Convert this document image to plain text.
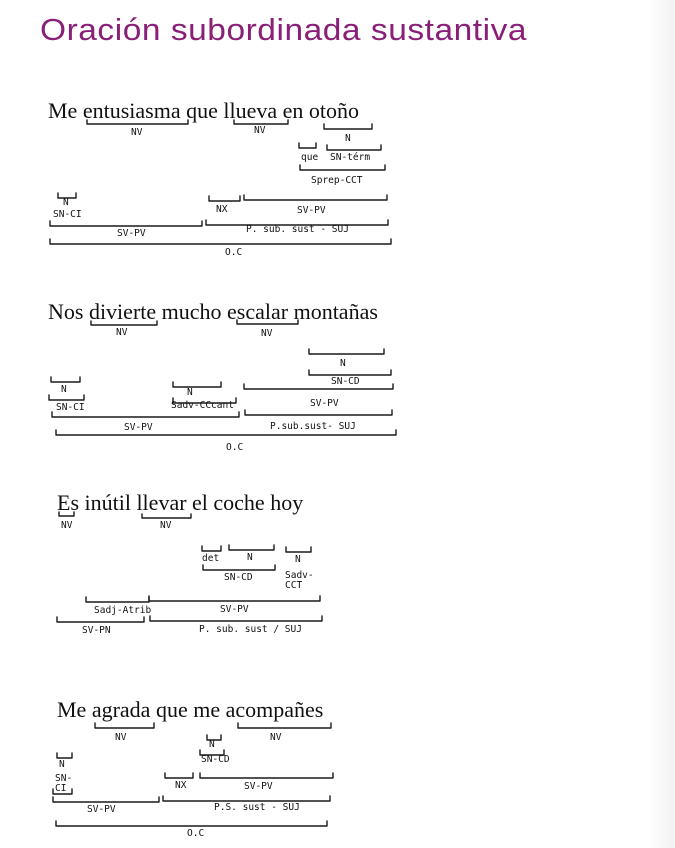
Oración subordinada sustantiva
Me entusiasma que llueva en otoño
NV	NV
N
que SN-térm
Sprep-CCT
N
SN-CI	NX	SV-PV
SV-PV	P. sub. sust - SUJ
O.C
Nos divierte mucho escalar montañas
NV	NV
N
SN-CD
N
SN-CI
N
Sadv-CCcant	SV-PV
SV-PV	P.sub.sust- SUJ
O.C
Es inútil llevar el coche hoy
NV	NV
det	N	N
SN-CD	Sadv-CCT
Sadj-Atrib	SV-PV
SV-PN	P. sub. sust / SUJ
Me agrada que me acompañes
NV	NV
N
SN-CD
N
SN-CI	NX	SV-PV
SV-PV	P.S. sust - SUJ
O.C
